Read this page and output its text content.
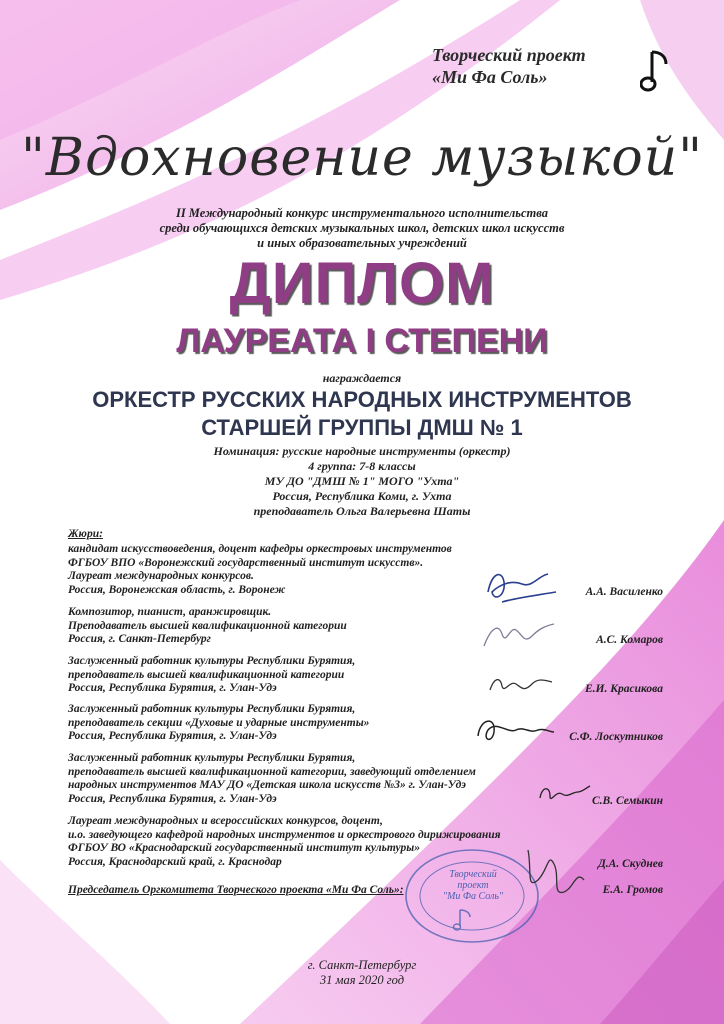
Творческий проект
«Ми Фа Соль»
"Вдохновение музыкой"
II Международный конкурс инструментального исполнительства
среди обучающихся детских музыкальных школ, детских школ искусств
и иных образовательных учреждений
ДИПЛОМ
ЛАУРЕАТА I СТЕПЕНИ
награждается
ОРКЕСТР РУССКИХ НАРОДНЫХ ИНСТРУМЕНТОВ
СТАРШЕЙ ГРУППЫ ДМШ № 1
Номинация: русские народные инструменты (оркестр)
4 группа: 7-8 классы
МУ ДО "ДМШ № 1" МОГО "Ухта"
Россия, Республика Коми, г. Ухта
преподаватель Ольга Валерьевна Шаты
Жюри:
кандидат искусствоведения, доцент кафедры оркестровых инструментов
ФГБОУ ВПО «Воронежский государственный институт искусств».
Лауреат международных конкурсов.
Россия, Воронежская область, г. Воронеж	А.А. Василенко
Композитор, пианист, аранжировщик.
Преподаватель высшей квалификационной категории
Россия, г. Санкт-Петербург	А.С. Комаров
Заслуженный работник культуры Республики Бурятия,
преподаватель высшей квалификационной категории
Россия, Республика Бурятия, г. Улан-Удэ	Е.И. Красикова
Заслуженный работник культуры Республики Бурятия,
преподаватель секции «Духовые и ударные инструменты»
Россия, Республика Бурятия, г. Улан-Удэ	С.Ф. Лоскутников
Заслуженный работник культуры Республики Бурятия,
преподаватель высшей квалификационной категории, заведующий отделением
народных инструментов МАУ ДО «Детская школа искусств №3» г. Улан-Удэ
Россия, Республика Бурятия, г. Улан-Удэ	С.В. Семыкин
Лауреат международных и всероссийских конкурсов, доцент,
и.о. заведующего кафедрой народных инструментов и оркестрового дирижирования
ФГБОУ ВО «Краснодарский государственный институт культуры»
Россия, Краснодарский край, г. Краснодар	Д.А. Скуднев
Творческий
проект
"Ми Фа Соль"
Председатель Оргкомитета Творческого проекта «Ми Фа Соль»:	Е.А. Громов
г. Санкт-Петербург
31 мая 2020 год
